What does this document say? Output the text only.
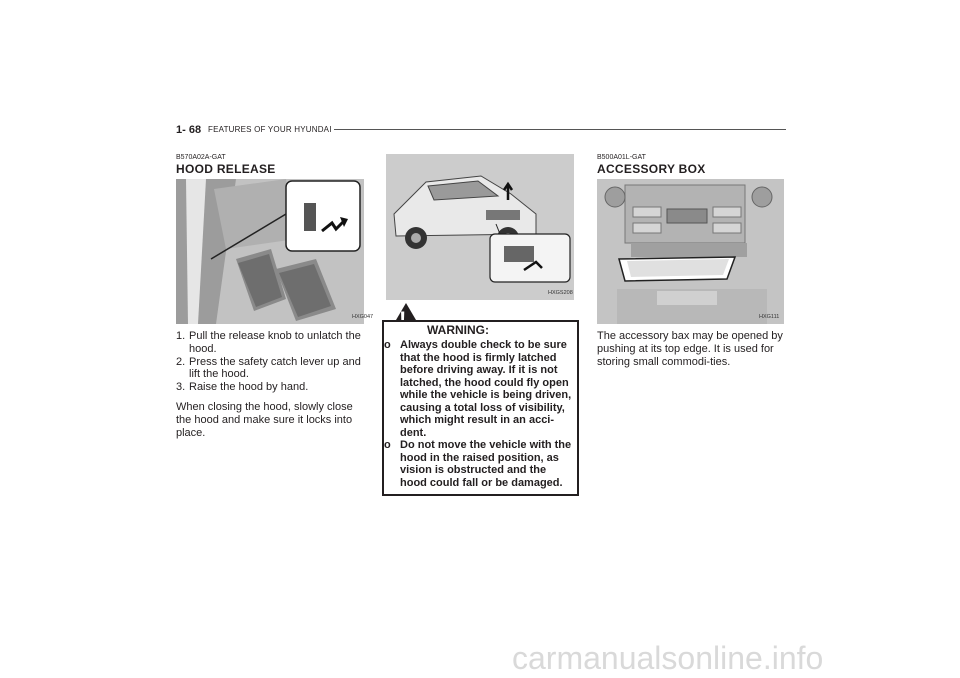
1- 68 FEATURES OF YOUR HYUNDAI
B570A02A-GAT
HOOD RELEASE
HXG047
1. Pull the release knob to unlatch the hood.
2. Press the safety catch lever up and lift the hood.
3. Raise the hood by hand.
When closing the hood, slowly close the hood and make sure it locks into place.
HXGS208
WARNING:
o Always double check to be sure that the hood is firmly latched before driving away. If it is not latched, the hood could fly open while the vehicle is being driven, causing a total loss of visibility, which might result in an acci-dent.
o Do not move the vehicle with the hood in the raised position, as vision is obstructed and the hood could fall or be damaged.
B500A01L-GAT
ACCESSORY BOX
HXG111
The accessory bax may be opened by pushing at its top edge. It is used for storing small commodi-ties.
carmanualsonline.info
